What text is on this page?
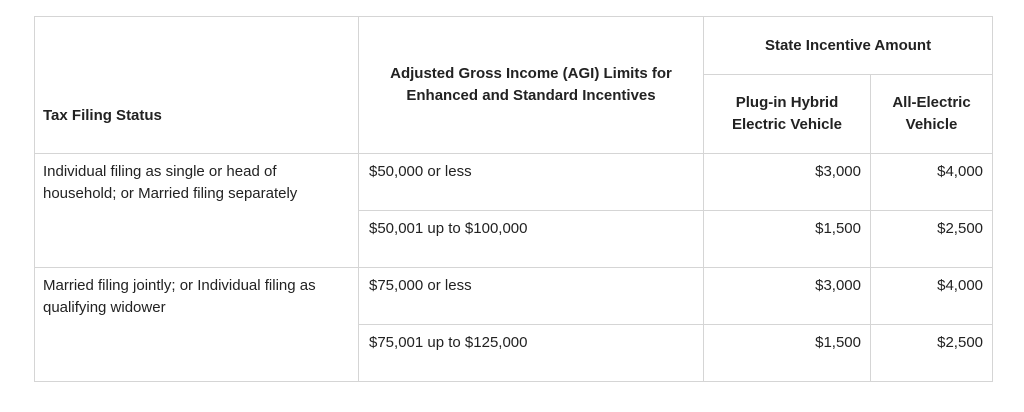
Tax Filing Status	Adjusted Gross Income (AGI) Limits for Enhanced and Standard Incentives	State Incentive Amount	
		Plug-in Hybrid Electric Vehicle	All-Electric Vehicle
Individual filing as single or head of household; or Married filing separately	$50,000 or less	$3,000	$4,000
	$50,001 up to $100,000	$1,500	$2,500
Married filing jointly; or Individual filing as qualifying widower	$75,000 or less	$3,000	$4,000
	$75,001 up to $125,000	$1,500	$2,500
